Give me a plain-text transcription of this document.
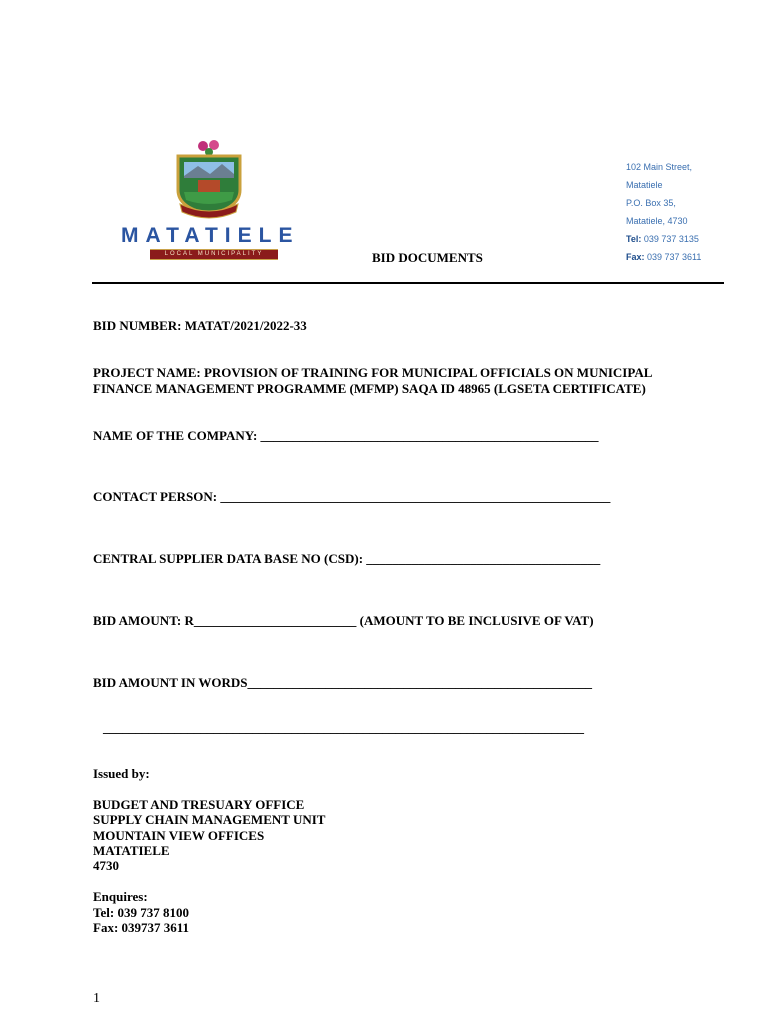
MATATIELE
LOCAL MUNICIPALITY
102 Main Street,
Matatiele
P.O. Box 35,
Matatiele, 4730
Tel: 039 737 3135
Fax: 039 737 3611
BID DOCUMENTS
BID NUMBER: MATAT/2021/2022-33
PROJECT NAME: PROVISION OF TRAINING FOR MUNICIPAL OFFICIALS ON MUNICIPAL
FINANCE MANAGEMENT PROGRAMME (MFMP) SAQA ID 48965 (LGSETA CERTIFICATE)
NAME OF THE COMPANY: ____________________________________________________
CONTACT PERSON: ____________________________________________________________
CENTRAL SUPPLIER DATA BASE NO (CSD): ____________________________________
BID AMOUNT: R_________________________ (AMOUNT TO BE INCLUSIVE OF VAT)
BID AMOUNT IN WORDS_____________________________________________________
__________________________________________________________________________
Issued by:
BUDGET AND TRESUARY OFFICE
SUPPLY CHAIN MANAGEMENT UNIT
MOUNTAIN VIEW OFFICES
MATATIELE
4730
Enquires:
Tel: 039 737 8100
Fax: 039737 3611
1
